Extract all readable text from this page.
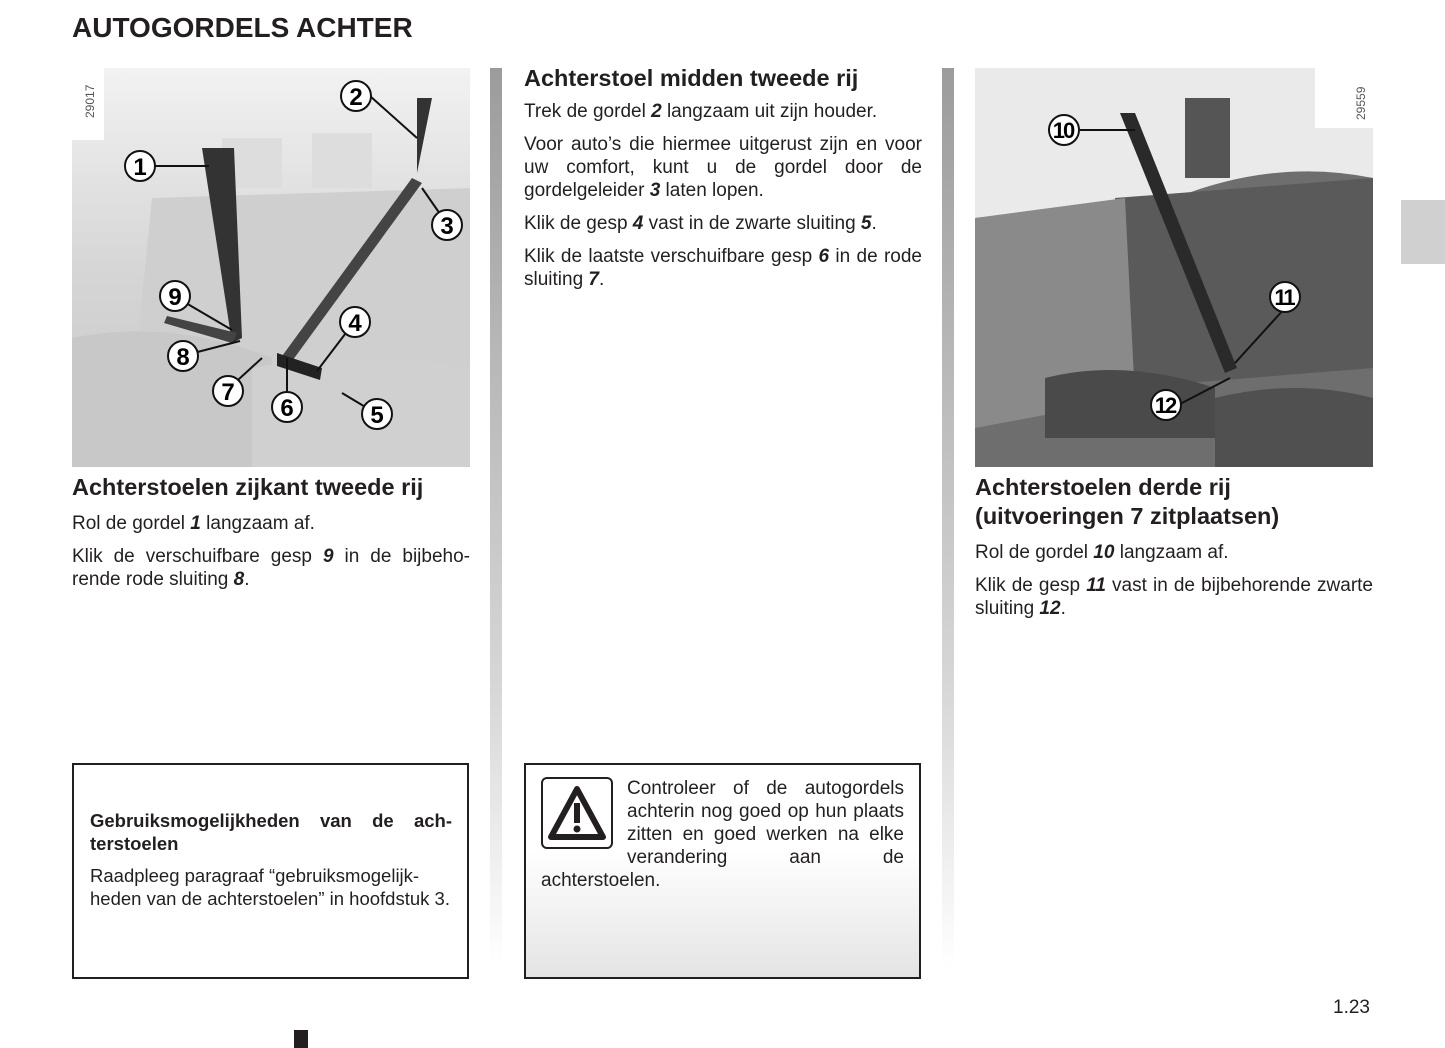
AUTOGORDELS ACHTER
1
2
3
4
5
6
7
8
9
29017
Achterstoelen zijkant tweede rij

Rol de gordel 1 langzaam af.

Klik de verschuifbare gesp 9 in de bijbehorende rode sluiting 8.

Gebruiksmogelijkheden van de achterstoelen

Raadpleeg paragraaf “gebruiksmogelijkheden van de achterstoelen” in hoofdstuk 3.

Achterstoel midden tweede rij

Trek de gordel 2 langzaam uit zijn houder.

Voor auto’s die hiermee uitgerust zijn en voor uw comfort, kunt u de gordel door de gordelgeleider 3 laten lopen.

Klik de gesp 4 vast in de zwarte sluiting 5.

Klik de laatste verschuifbare gesp 6 in de rode sluiting 7.

Controleer of de autogordels achterin nog goed op hun plaats zitten en goed werken na elke verandering aan de achterstoelen.
10
11
12
29559
Achterstoelen derde rij (uitvoeringen 7 zitplaatsen)

Rol de gordel 10 langzaam af.

Klik de gesp 11 vast in de bijbehorende zwarte sluiting 12.

1.23
